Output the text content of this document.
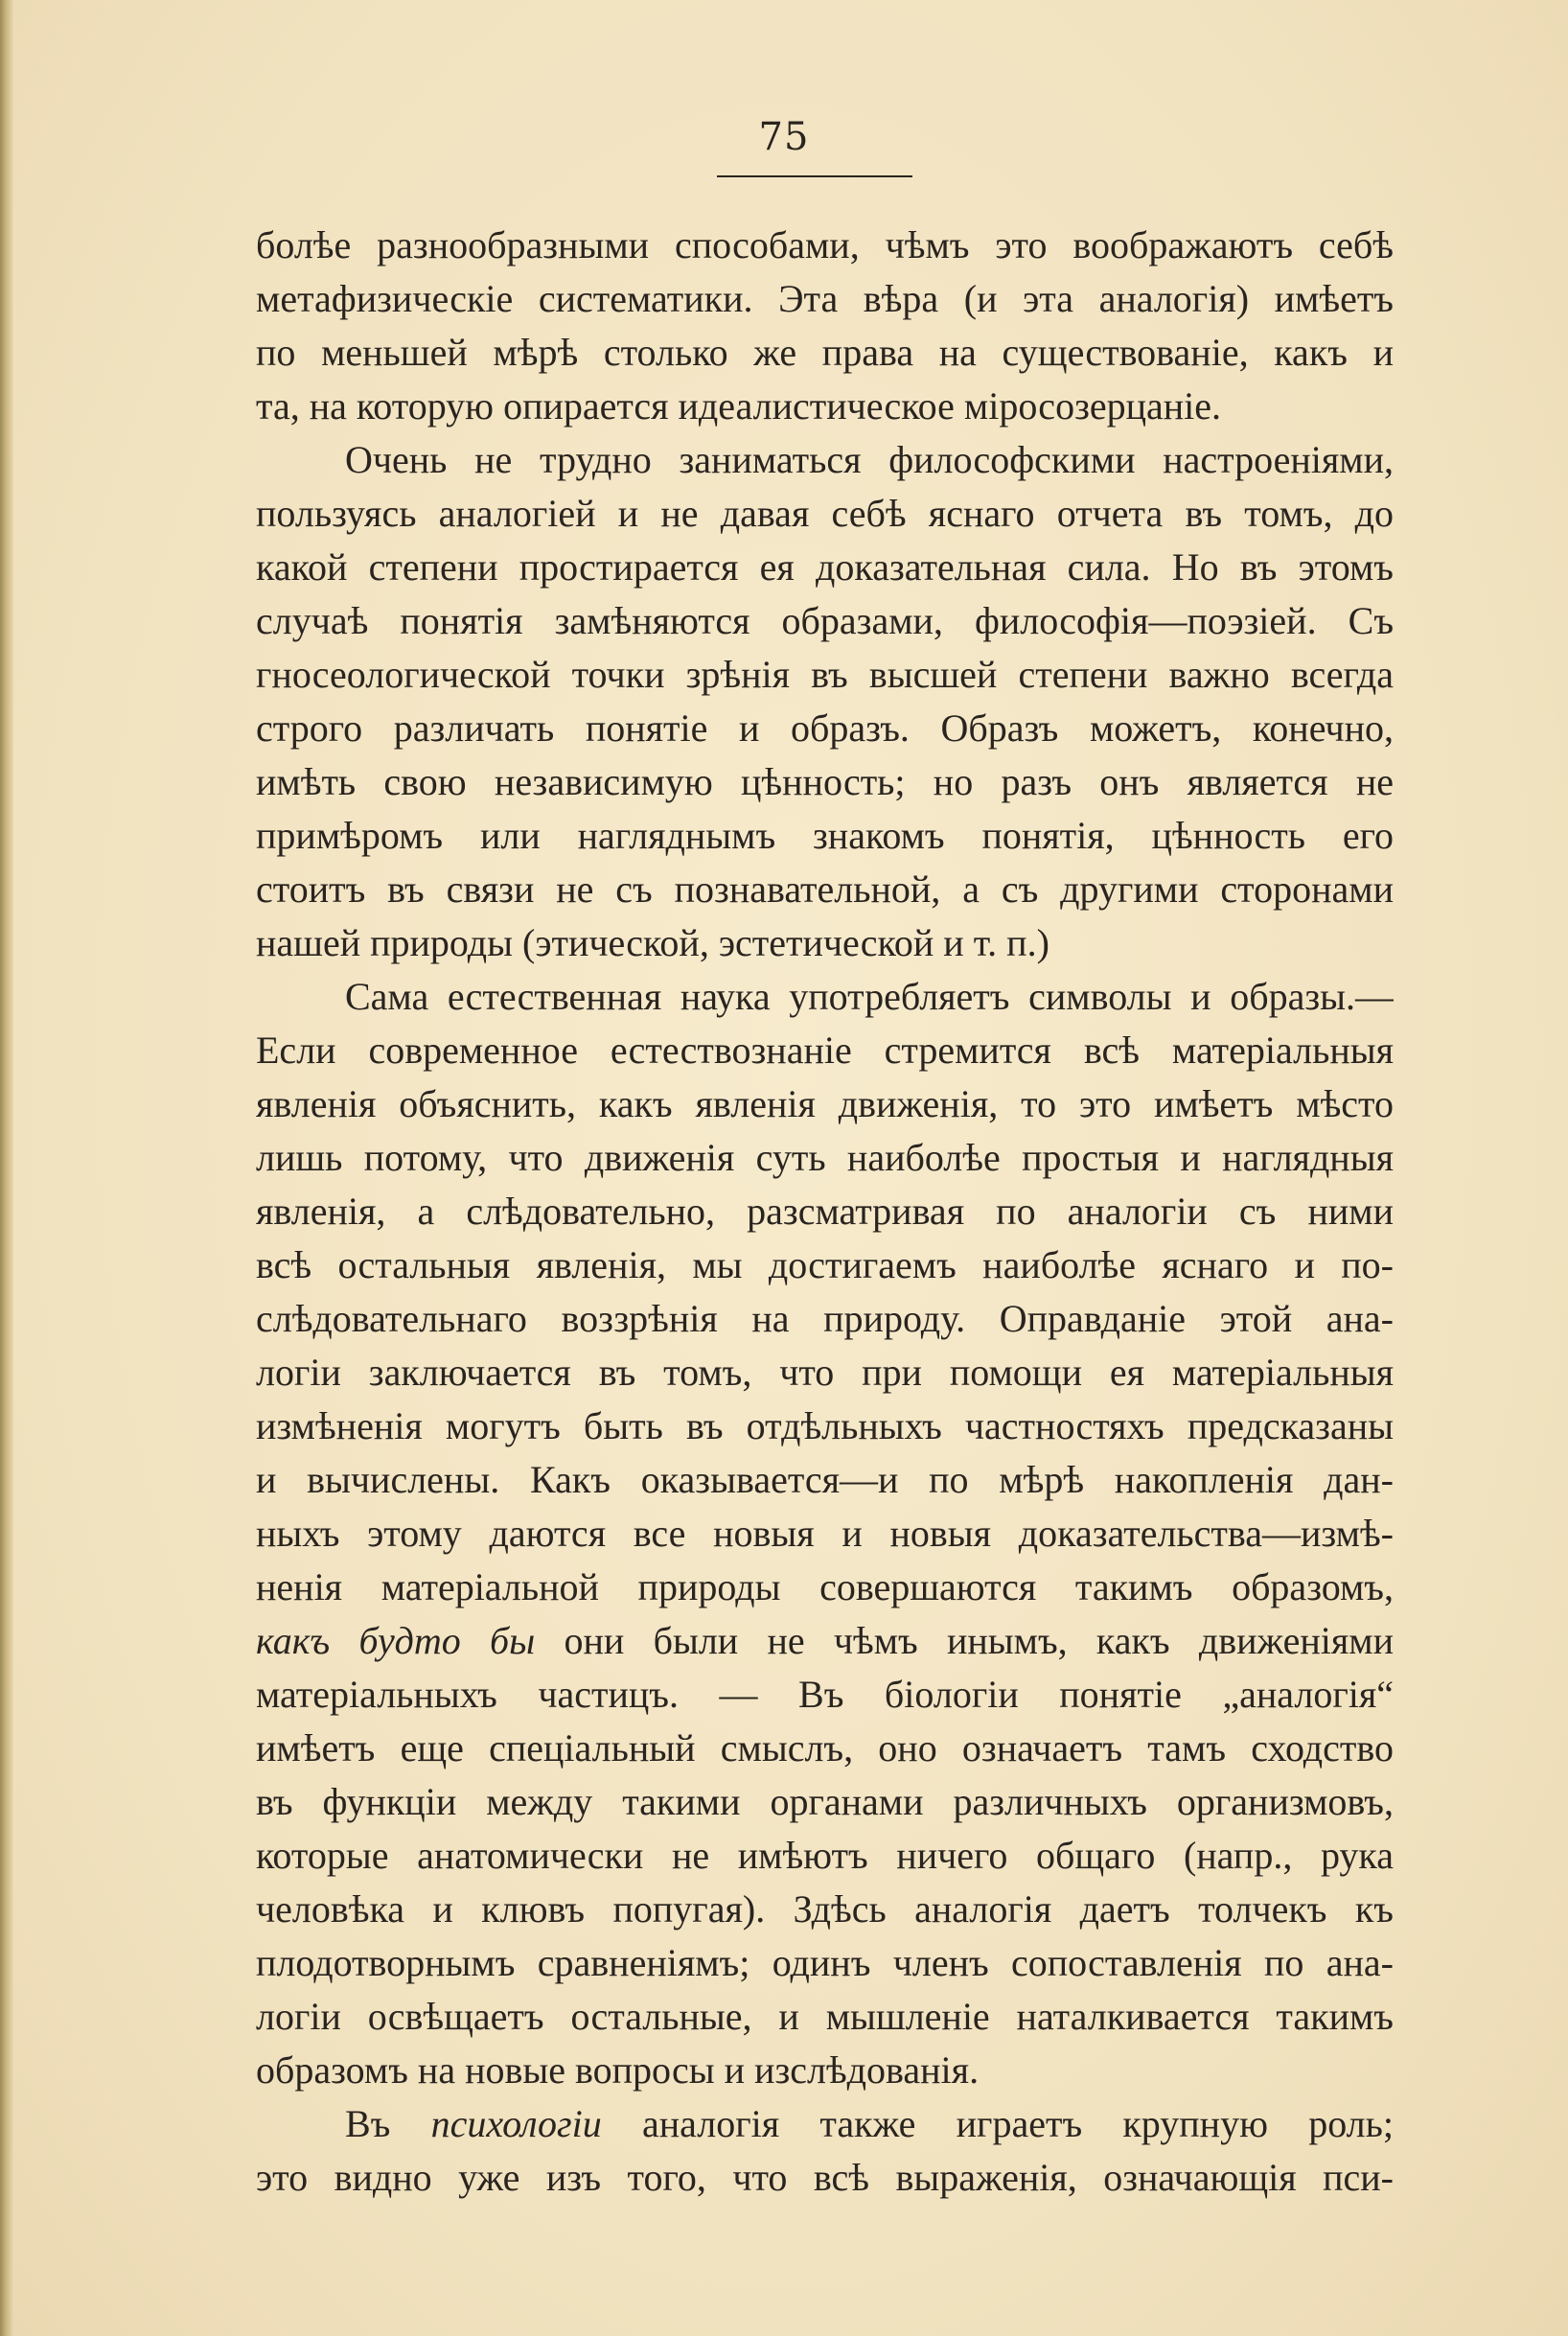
75
болѣе разнообразными способами, чѣмъ это воображаютъ себѣ
метафизическіе систематики. Эта вѣра (и эта аналогія) имѣетъ
по меньшей мѣрѣ столько же права на существованіе, какъ и
та, на которую опирается идеалистическое міросозерцаніе.
Очень не трудно заниматься философскими настроеніями,
пользуясь аналогіей и не давая себѣ яснаго отчета въ томъ, до
какой степени простирается ея доказательная сила. Но въ этомъ
случаѣ понятія замѣняются образами, философія—поэзіей. Съ
гносеологической точки зрѣнія въ высшей степени важно всегда
строго различать понятіе и образъ. Образъ можетъ, конечно,
имѣть свою независимую цѣнность; но разъ онъ является не
примѣромъ или нагляднымъ знакомъ понятія, цѣнность его
стоитъ въ связи не съ познавательной, а съ другими сторонами
нашей природы (этической, эстетической и т. п.)
Сама естественная наука употребляетъ символы и образы.—
Если современное естествознаніе стремится всѣ матеріальныя
явленія объяснить, какъ явленія движенія, то это имѣетъ мѣсто
лишь потому, что движенія суть наиболѣе простыя и наглядныя
явленія, а слѣдовательно, разсматривая по аналогіи съ ними
всѣ остальныя явленія, мы достигаемъ наиболѣе яснаго и по-
слѣдовательнаго воззрѣнія на природу. Оправданіе этой ана-
логіи заключается въ томъ, что при помощи ея матеріальныя
измѣненія могутъ быть въ отдѣльныхъ частностяхъ предсказаны
и вычислены. Какъ оказывается—и по мѣрѣ накопленія дан-
ныхъ этому даются все новыя и новыя доказательства—измѣ-
ненія матеріальной природы совершаются такимъ образомъ,
какъ будто бы они были не чѣмъ инымъ, какъ движеніями
матеріальныхъ частицъ. — Въ біологіи понятіе „аналогія“
имѣетъ еще спеціальный смыслъ, оно означаетъ тамъ сходство
въ функціи между такими органами различныхъ организмовъ,
которые анатомически не имѣютъ ничего общаго (напр., рука
человѣка и клювъ попугая). Здѣсь аналогія даетъ толчекъ къ
плодотворнымъ сравненіямъ; одинъ членъ сопоставленія по ана-
логіи освѣщаетъ остальные, и мышленіе наталкивается такимъ
образомъ на новые вопросы и изслѣдованія.
Въ психологіи аналогія также играетъ крупную роль;
это видно уже изъ того, что всѣ выраженія, означающія пси-
